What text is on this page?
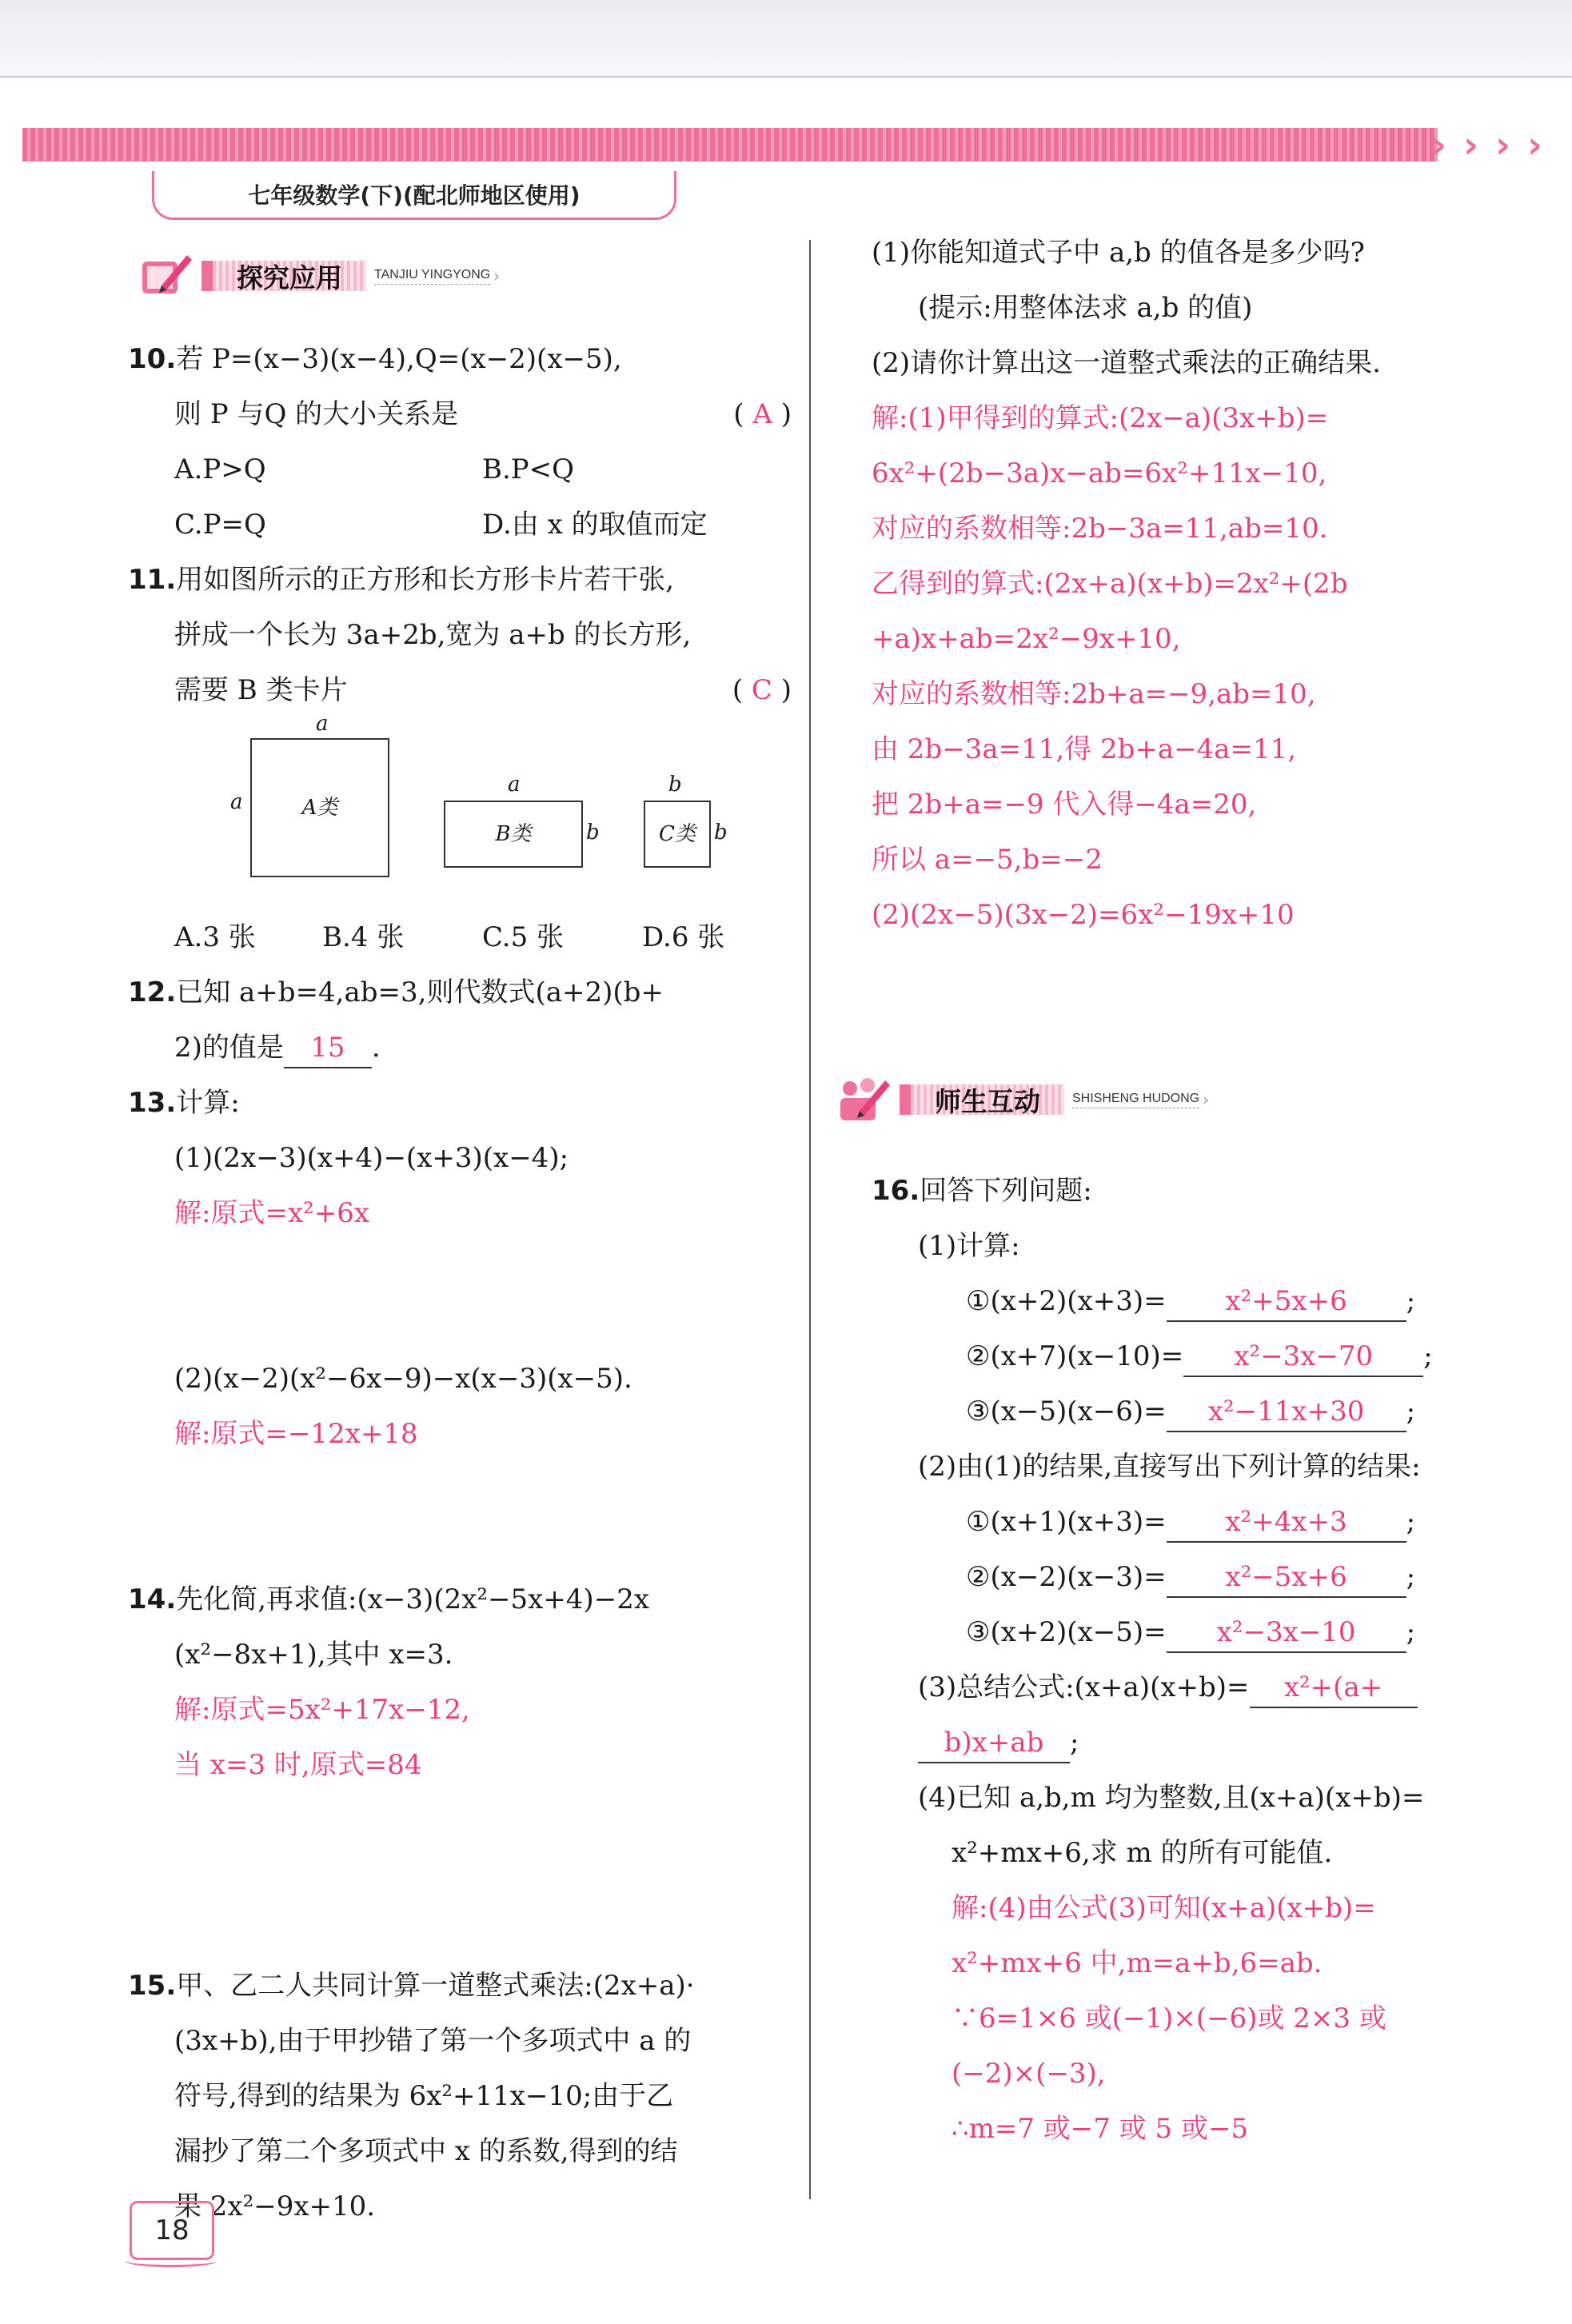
› › › ›
七年级数学(下)(配北师地区使用)
探究应用	TANJIU YINGYONG ›
10.若 P=(x−3)(x−4),Q=(x−2)(x−5),
则 P 与Q 的大小关系是	( A )
A.P>Q	B.P<Q
C.P=Q	D.由 x 的取值而定
11.用如图所示的正方形和长方形卡片若干张,
拼成一个长为 3a+2b,宽为 a+b 的长方形,
需要 B 类卡片	( C )
a
a	A类
a
B类	b
b
C类 b
A.3 张 B.4 张	C.5 张	D.6 张
12.已知 a+b=4,ab=3,则代数式(a+2)(b+
2)的值是 15 .
13.计算:
(1)(2x−3)(x+4)−(x+3)(x−4);
解:原式=x²+6x
(2)(x−2)(x²−6x−9)−x(x−3)(x−5).
解:原式=−12x+18
14.先化简,再求值:(x−3)(2x²−5x+4)−2x
(x²−8x+1),其中 x=3.
解:原式=5x²+17x−12,
当 x=3 时,原式=84
15.甲、乙二人共同计算一道整式乘法:(2x+a)·
(3x+b),由于甲抄错了第一个多项式中 a 的
符号,得到的结果为 6x²+11x−10;由于乙
漏抄了第二个多项式中 x 的系数,得到的结
果 2x²−9x+10.
(1)你能知道式子中 a,b 的值各是多少吗?
(提示:用整体法求 a,b 的值)
(2)请你计算出这一道整式乘法的正确结果.
解:(1)甲得到的算式:(2x−a)(3x+b)=
6x²+(2b−3a)x−ab=6x²+11x−10,
对应的系数相等:2b−3a=11,ab=10.
乙得到的算式:(2x+a)(x+b)=2x²+(2b
+a)x+ab=2x²−9x+10,
对应的系数相等:2b+a=−9,ab=10,
由 2b−3a=11,得 2b+a−4a=11,
把 2b+a=−9 代入得−4a=20,
所以 a=−5,b=−2
(2)(2x−5)(3x−2)=6x²−19x+10
16.回答下列问题:
(1)计算:
①(x+2)(x+3)= x²+5x+6 ;
②(x+7)(x−10)= x²−3x−70 ;
③(x−5)(x−6)= x²−11x+30 ;
(2)由(1)的结果,直接写出下列计算的结果:
①(x+1)(x+3)= x²+4x+3 ;
②(x−2)(x−3)= x²−5x+6 ;
③(x+2)(x−5)= x²−3x−10 ;
(3)总结公式:(x+a)(x+b)= x²+(a+
b)x+ab ;
(4)已知 a,b,m 均为整数,且(x+a)(x+b)=
x²+mx+6,求 m 的所有可能值.
解:(4)由公式(3)可知(x+a)(x+b)=
x²+mx+6 中,m=a+b,6=ab.
∵6=1×6 或(−1)×(−6)或 2×3 或
(−2)×(−3),
∴m=7 或−7 或 5 或−5
师生互动	SHISHENG HUDONG ›
18
